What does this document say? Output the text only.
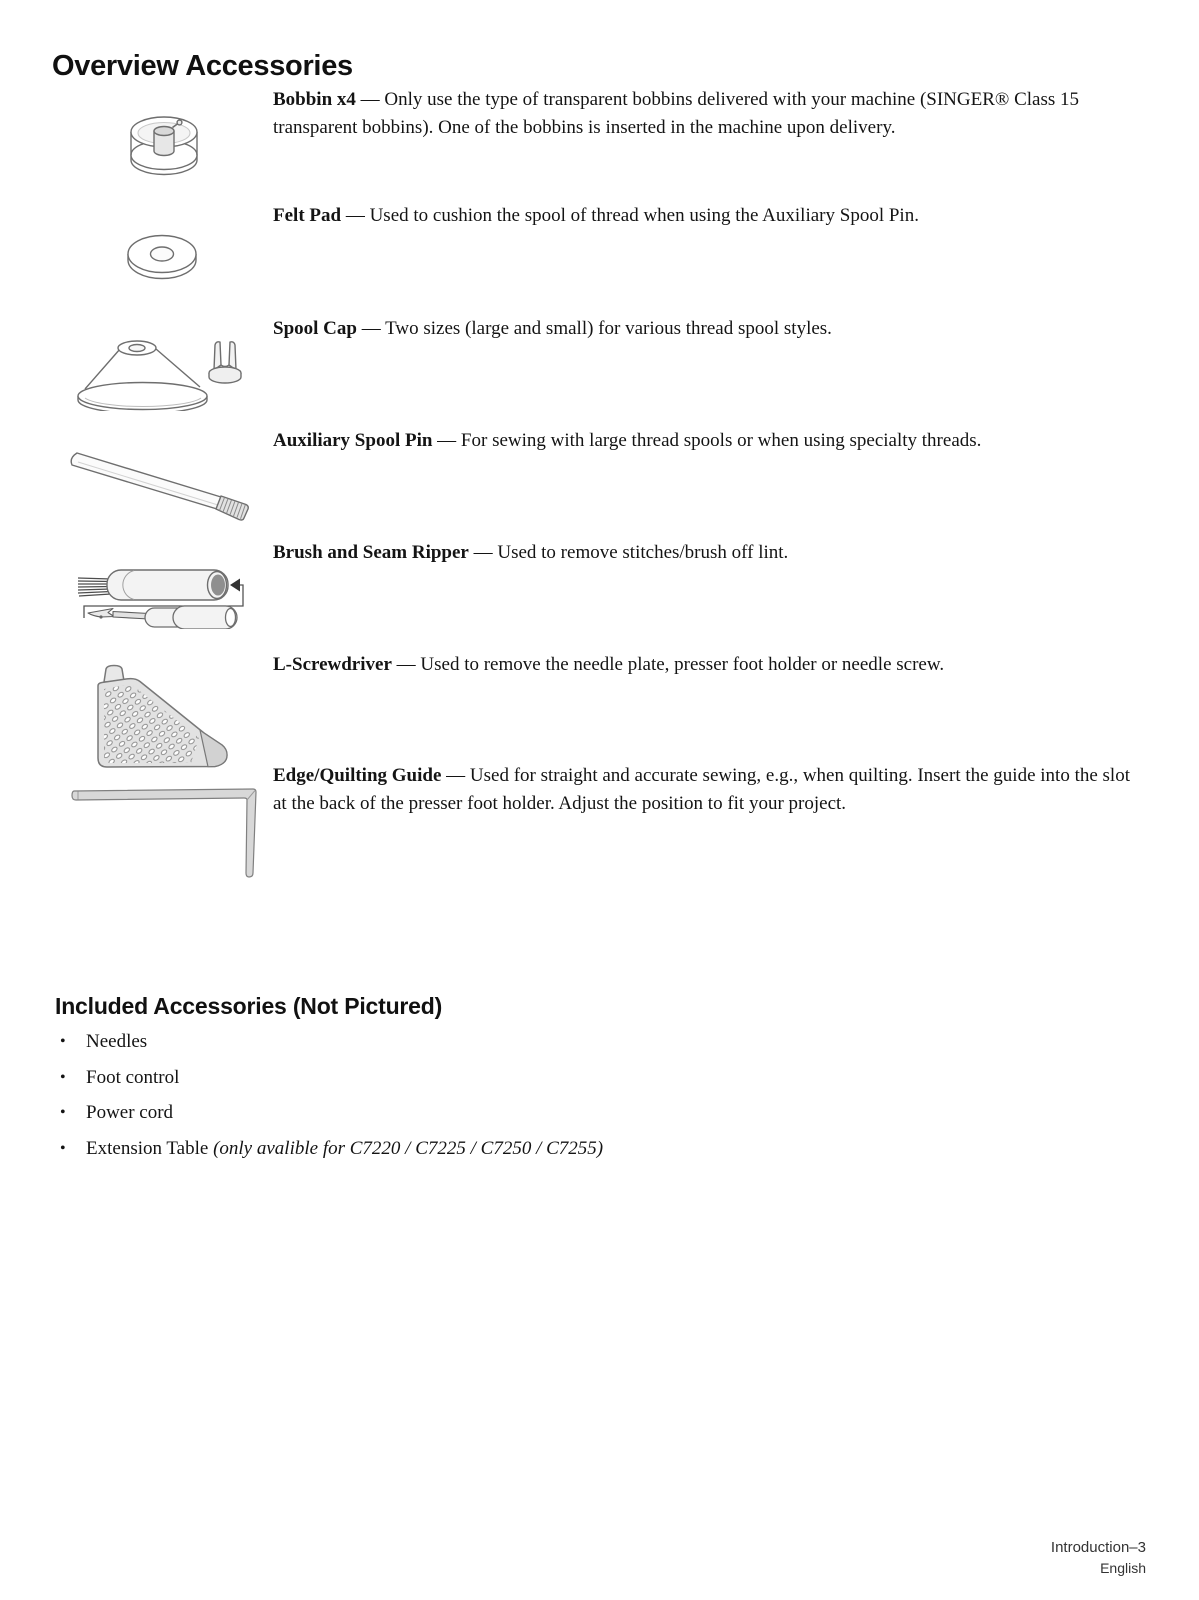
Overview Accessories

Bobbin x4 — Only use the type of transparent bobbins delivered with your machine (SINGER® Class 15 transparent bobbins). One of the bobbins is inserted in the machine upon delivery.

Felt Pad — Used to cushion the spool of thread when using the Auxiliary Spool Pin.

Spool Cap — Two sizes (large and small) for various thread spool styles.

Auxiliary Spool Pin — For sewing with large thread spools or when using specialty threads.

Brush and Seam Ripper — Used to remove stitches/brush off lint.

L-Screwdriver — Used to remove the needle plate, presser foot holder or needle screw.

Edge/Quilting Guide — Used for straight and accurate sewing, e.g., when quilting. Insert the guide into the slot at the back of the presser foot holder. Adjust the position to fit your project.

Included Accessories (Not Pictured)
• Needles
• Foot control
• Power cord
• Extension Table (only avalible for C7220 / C7225 / C7250 / C7255)
Introduction–3
English
